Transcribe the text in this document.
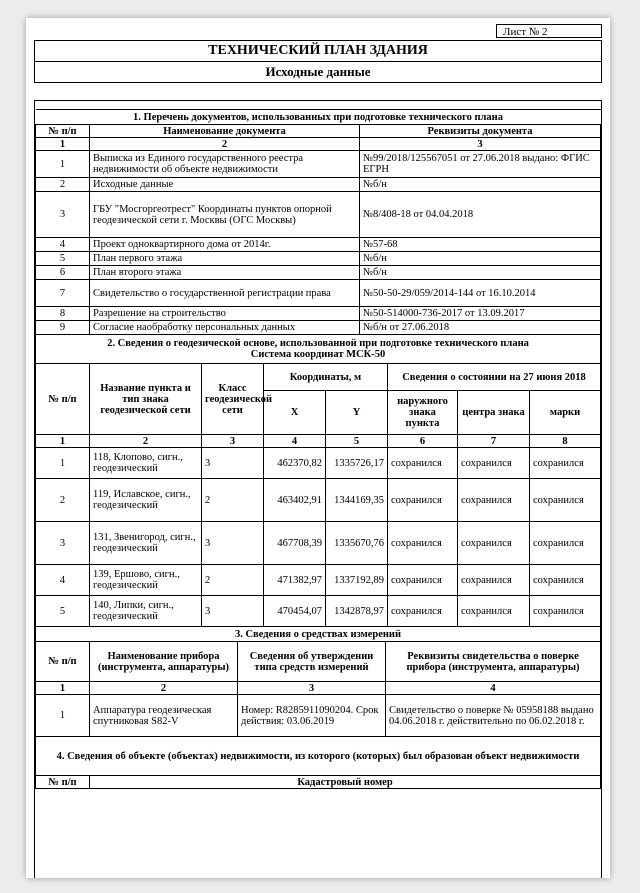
Лист № 2
ТЕХНИЧЕСКИЙ ПЛАН ЗДАНИЯ
Исходные данные
1. Перечень документов, использованных при подготовке технического плана		
№ п/п	Наименование документа	Реквизиты документа
1	2	3
1	Выписка из Единого государственного реестра недвижимости об объекте недвижимости	№99/2018/125567051 от 27.06.2018 выдано: ФГИС ЕГРН
2	Исходные данные	№б/н
3	ГБУ "Мосгоргеотрест" Координаты пунктов опорной геодезической сети г. Москвы (ОГС Москвы)	№8/408-18 от 04.04.2018
4	Проект одноквартирного дома от 2014г.	№57-68
5	План первого этажа	№б/н
6	План второго этажа	№б/н
7	Свидетельство о государственной регистрации права	№50-50-29/059/2014-144 от 16.10.2014
8	Разрешение на строительство	№50-514000-736-2017 от 13.09.2017
9	Согласие наобработку персональных данных	№б/н от 27.06.2018
2. Сведения о геодезической основе, использованной при подготовке технического плана
Система координат МСК-50							

№ п/п	Название пункта и тип знака геодезической сети	Класс геодезической сети	Координаты, м		Сведения о состоянии на 27 июня 2018		
			X	Y	наружного знака пункта	центра знака	марки
1	2	3	4	5	6	7	8
1	118, Клопово, сигн., геодезический	3	462370,82	1335726,17	сохранился	сохранился	сохранился
2	119, Иславское, сигн., геодезический	2	463402,91	1344169,35	сохранился	сохранился	сохранился
3	131, Звенигород, сигн., геодезический	3	467708,39	1335670,76	сохранился	сохранился	сохранился
4	139, Ершово, сигн., геодезический	2	471382,97	1337192,89	сохранился	сохранился	сохранился
5	140, Липки, сигн., геодезический	3	470454,07	1342878,97	сохранился	сохранился	сохранился
3. Сведения о средствах измерений			
№ п/п	Наименование прибора (инструмента, аппаратуры)	Сведения об утверждении типа средств измерений	Реквизиты свидетельства о поверке прибора (инструмента, аппаратуры)
1	2	3	4
1	Аппаратура геодезическая спутниковая S82-V	Номер: R8285911090204. Срок действия: 03.06.2019	Свидетельство о поверке № 05958188 выдано 04.06.2018 г. действительно по 06.02.2018 г.
4. Сведения об объекте (объектах) недвижимости, из которого (которых) был образован объект недвижимости
№ п/п	Кадастровый номер
